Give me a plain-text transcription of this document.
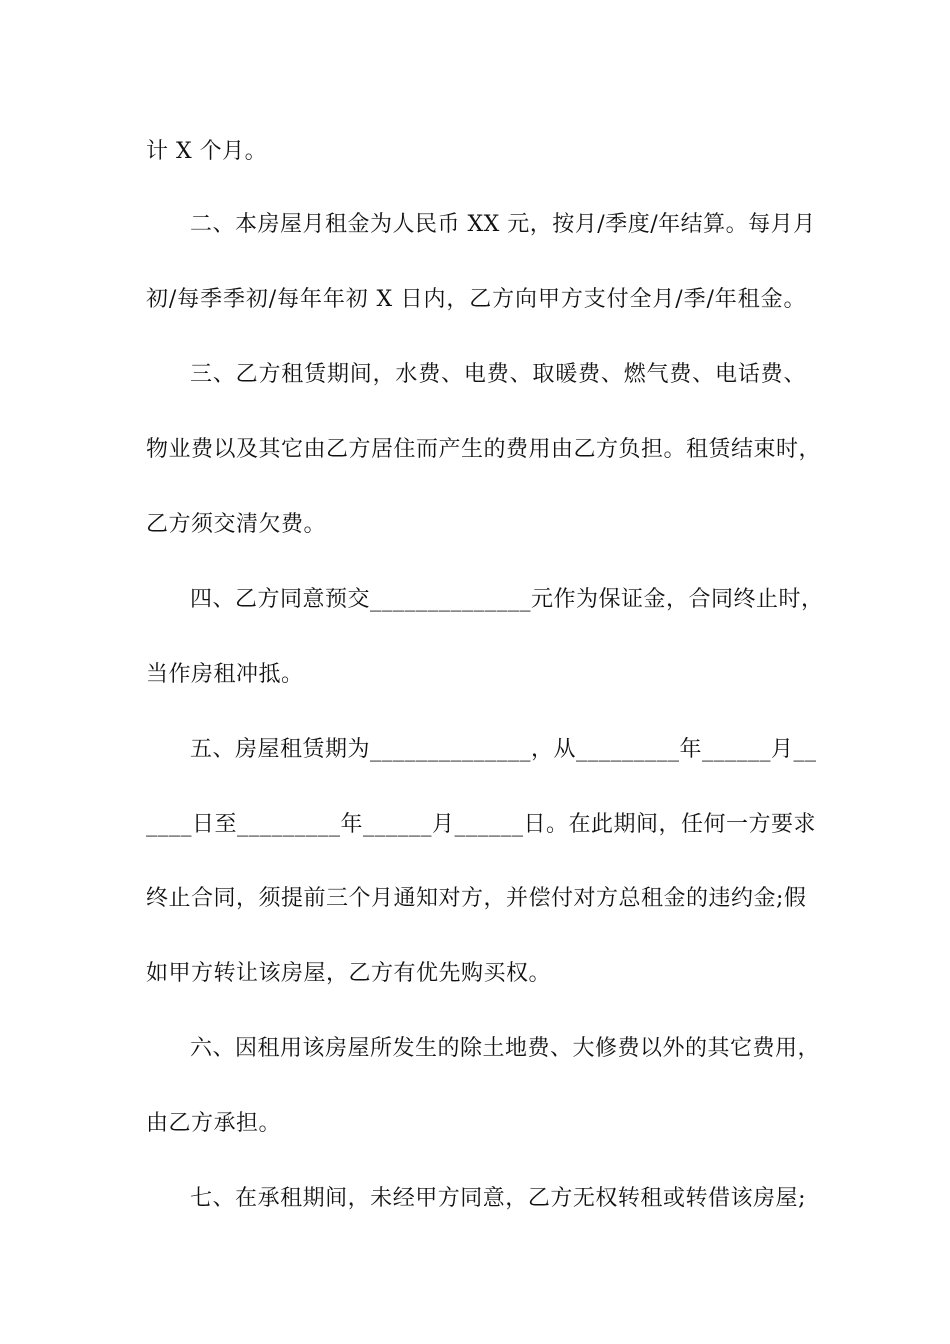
计 X 个月。
二、本房屋月租金为人民币 XX 元，按月/季度/年结算。每月月
初/每季季初/每年年初 X 日内，乙方向甲方支付全月/季/年租金。
三、乙方租赁期间，水费、电费、取暖费、燃气费、电话费、
物业费以及其它由乙方居住而产生的费用由乙方负担。租赁结束时，
乙方须交清欠费。
四、乙方同意预交______________元作为保证金，合同终止时，
当作房租冲抵。
五、房屋租赁期为______________，从_________年______月__
____日至_________年______月______日。在此期间，任何一方要求
终止合同，须提前三个月通知对方，并偿付对方总租金的违约金;假
如甲方转让该房屋，乙方有优先购买权。
六、因租用该房屋所发生的除土地费、大修费以外的其它费用，
由乙方承担。
七、在承租期间，未经甲方同意，乙方无权转租或转借该房屋;
